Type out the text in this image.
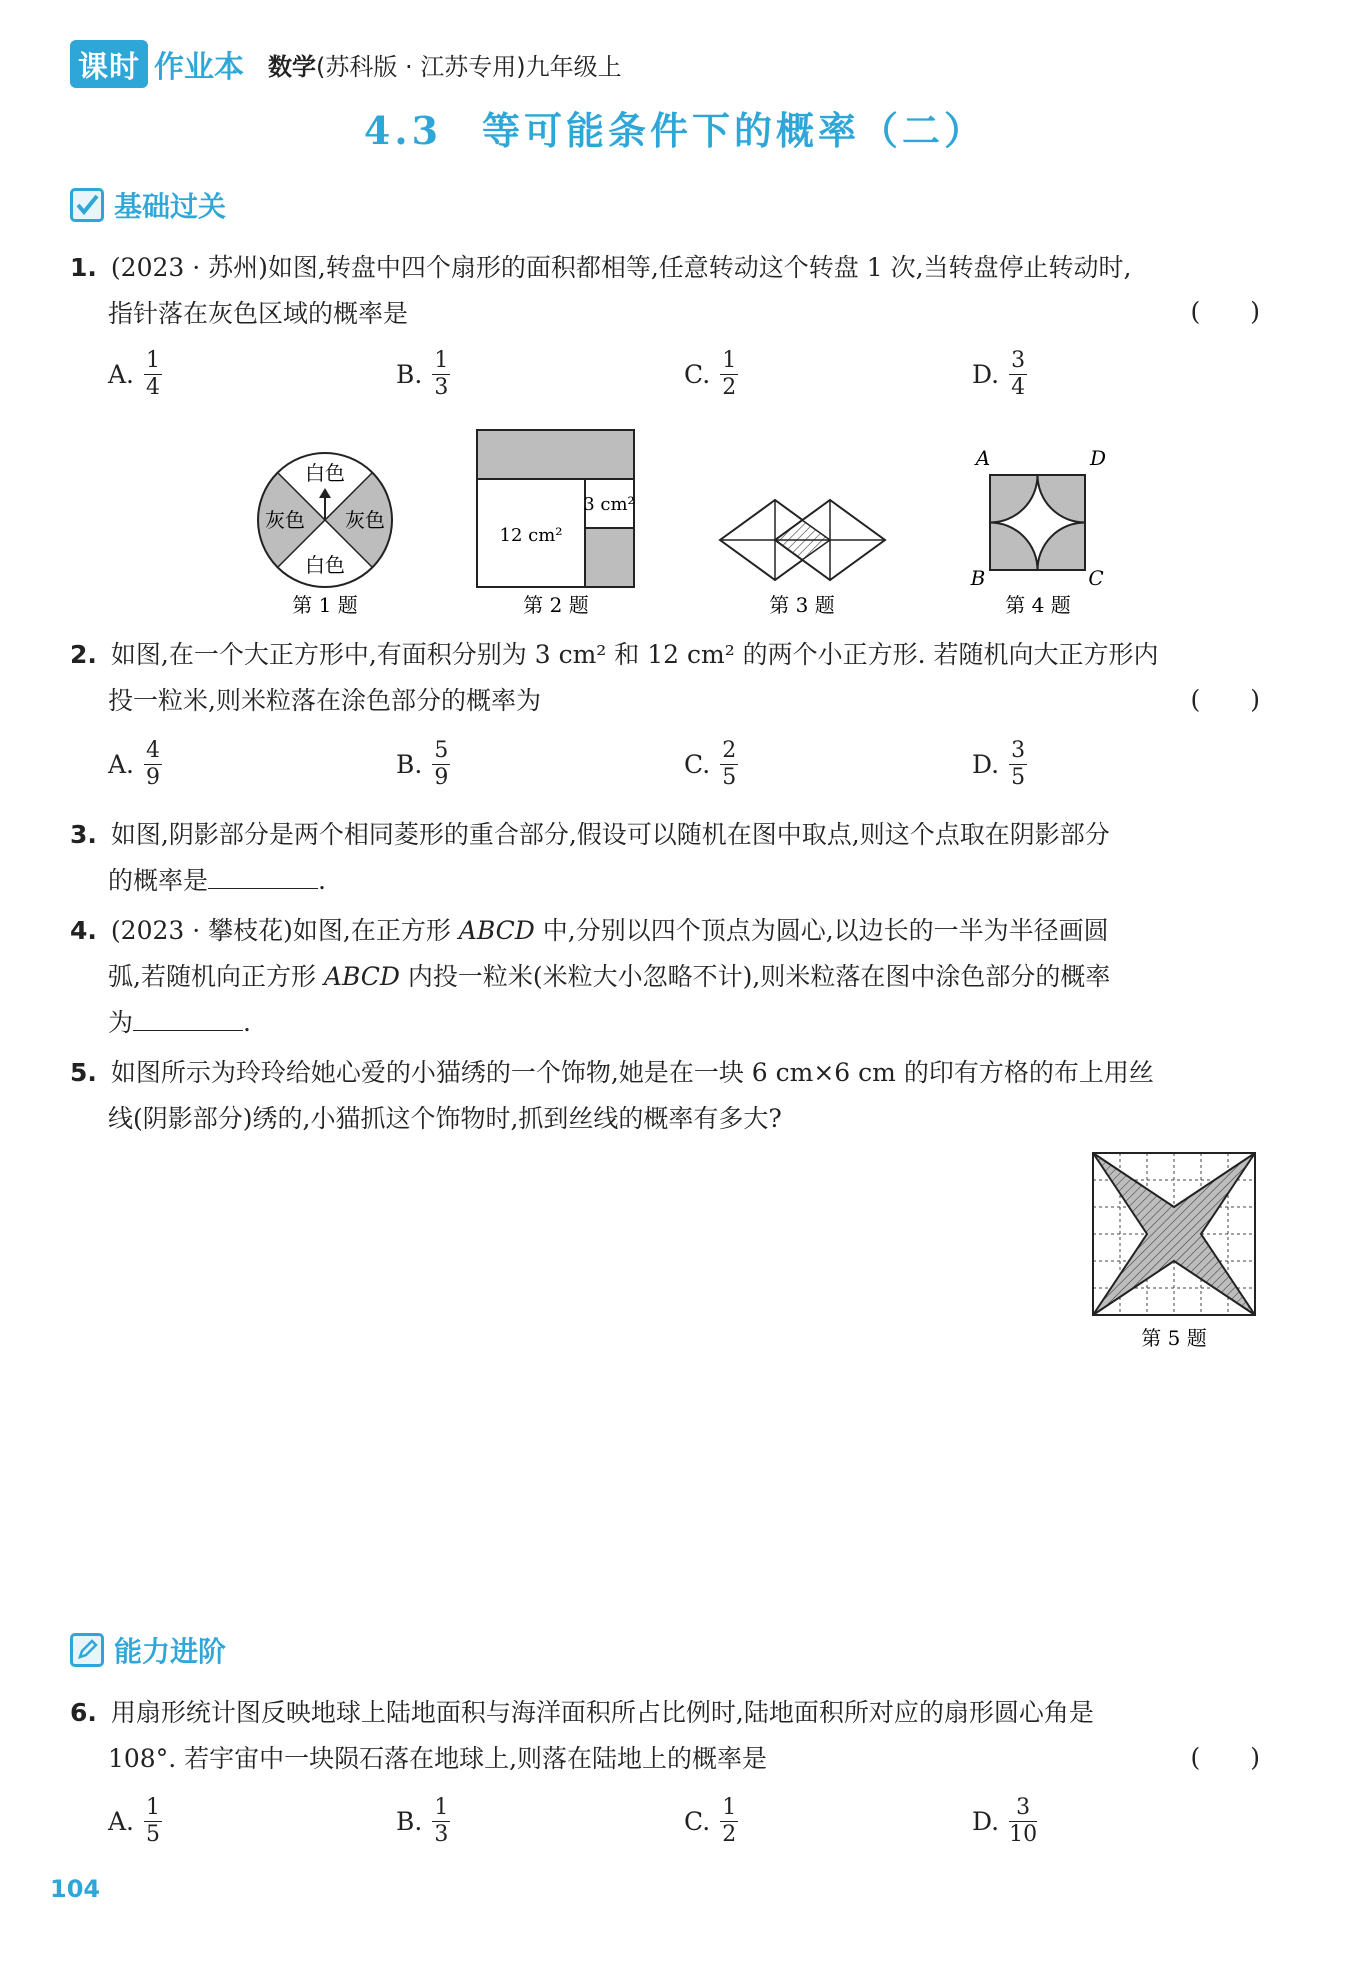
课时 作业本 数学(苏科版 · 江苏专用)九年级上
4.3 等可能条件下的概率（二）
基础过关
1. (2023 · 苏州)如图,转盘中四个扇形的面积都相等,任意转动这个转盘 1 次,当转盘停止转动时,
指针落在灰色区域的概率是	(　　)
A. $\frac{1}{4}$	B. $\frac{1}{3}$	C. $\frac{1}{2}$	D. $\frac{3}{4}$
白色
白色
灰色 灰色
第 1 题
3 cm²
12 cm²
第 2 题	第 3 题
A	D
B	C
第 4 题
2. 如图,在一个大正方形中,有面积分别为 3 cm² 和 12 cm² 的两个小正方形. 若随机向大正方形内
投一粒米,则米粒落在涂色部分的概率为	(　　)
A. $\frac{4}{9}$	B. $\frac{5}{9}$	C. $\frac{2}{5}$	D. $\frac{3}{5}$
3. 如图,阴影部分是两个相同菱形的重合部分,假设可以随机在图中取点,则这个点取在阴影部分
的概率是	.
4. (2023 · 攀枝花)如图,在正方形 ABCD 中,分别以四个顶点为圆心,以边长的一半为半径画圆
弧,若随机向正方形 ABCD 内投一粒米(米粒大小忽略不计),则米粒落在图中涂色部分的概率
为	.
5. 如图所示为玲玲给她心爱的小猫绣的一个饰物,她是在一块 6 cm×6 cm 的印有方格的布上用丝
线(阴影部分)绣的,小猫抓这个饰物时,抓到丝线的概率有多大?
第 5 题
能力进阶
6. 用扇形统计图反映地球上陆地面积与海洋面积所占比例时,陆地面积所对应的扇形圆心角是
108°. 若宇宙中一块陨石落在地球上,则落在陆地上的概率是	(　　)
A. $\frac{1}{5}$	B. $\frac{1}{3}$	C. $\frac{1}{2}$	D. $\frac{3}{10}$
104
